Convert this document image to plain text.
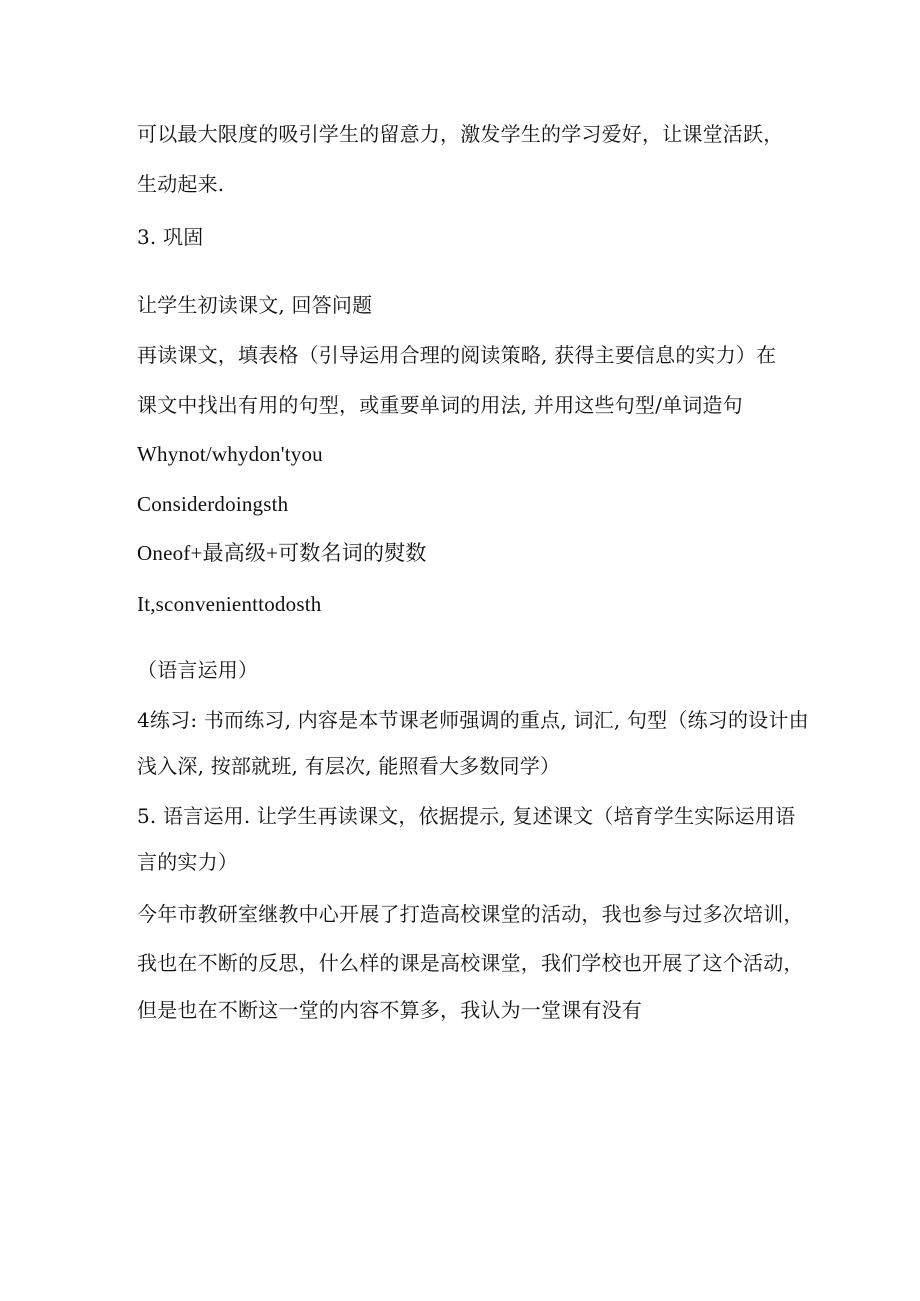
可以最大限度的吸引学生的留意力，激发学生的学习爱好，让课堂活跃，
生动起来.
3. 巩固
让学生初读课文, 回答问题
再读课文，填表格（引导运用合理的阅读策略, 获得主要信息的实力）在
课文中找出有用的句型，或重要单词的用法, 并用这些句型/单词造句
Whynot/whydon'tyou
Considerdoingsth
Oneof+最高级+可数名词的熨数
It,sconvenienttodosth
（语言运用）
4练习: 书而练习, 内容是本节课老师强调的重点, 词汇, 句型（练习的设计由
浅入深, 按部就班, 有层次, 能照看大多数同学）
5. 语言运用. 让学生再读课文，依据提示, 复述课文（培育学生实际运用语
言的实力）
今年市教研室继教中心开展了打造高校课堂的活动，我也参与过多次培训，
我也在不断的反思，什么样的课是高校课堂，我们学校也开展了这个活动，
但是也在不断这一堂的内容不算多，我认为一堂课有没有
